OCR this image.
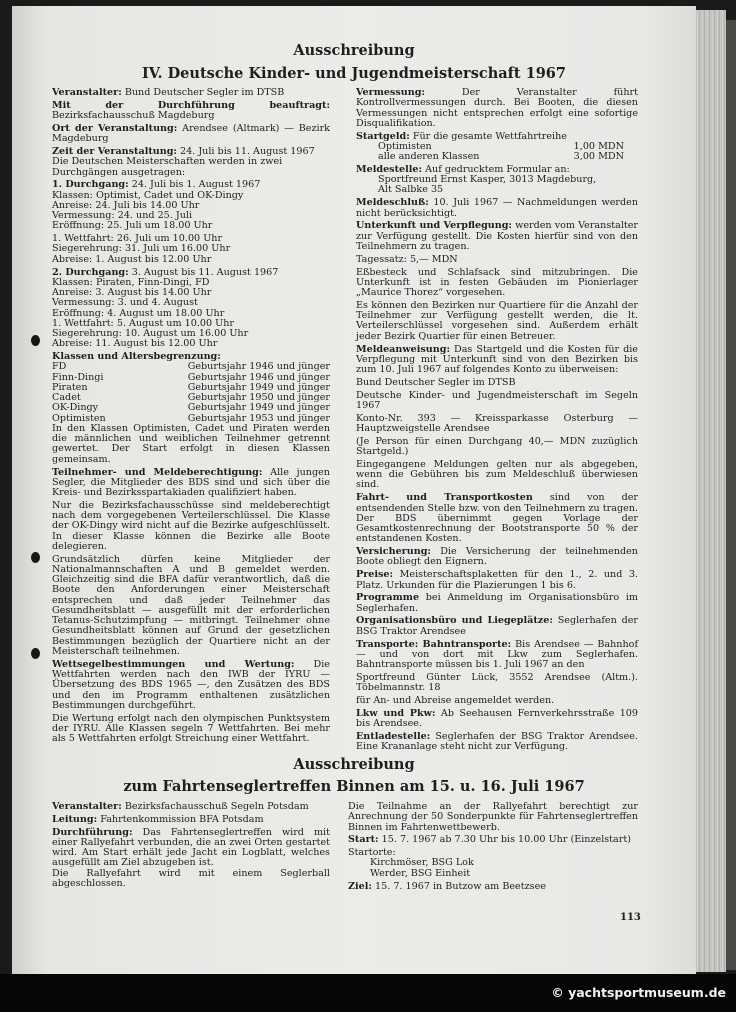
Ausschreibung
IV. Deutsche Kinder- und Jugendmeisterschaft 1967
Veranstalter: Bund Deutscher Segler im DTSB
Mit der Durchführung beauftragt: Bezirksfachausschuß Magdeburg
Ort der Veranstaltung: Arendsee (Altmark) — Bezirk Magdeburg
Zeit der Veranstaltung: 24. Juli bis 11. August 1967
Die Deutschen Meisterschaften werden in zwei Durchgängen ausgetragen:
1. Durchgang: 24. Juli bis 1. August 1967
Klassen: Optimist, Cadet und OK-Dingy
Anreise: 24. Juli bis 14.00 Uhr
Vermessung: 24. und 25. Juli
Eröffnung: 25. Juli um 18.00 Uhr
1. Wettfahrt: 26. Juli um 10.00 Uhr
Siegerehrung: 31. Juli um 16.00 Uhr
Abreise: 1. August bis 12.00 Uhr
2. Durchgang: 3. August bis 11. August 1967
Klassen: Piraten, Finn-Dingi, FD
Anreise: 3. August bis 14.00 Uhr
Vermessung: 3. und 4. August
Eröffnung: 4. August um 18.00 Uhr
1. Wettfahrt: 5. August um 10.00 Uhr
Siegerehrung: 10. August um 16.00 Uhr
Abreise: 11. August bis 12.00 Uhr
Klassen und Altersbegrenzung:
FD	Geburtsjahr 1946 und jünger
Finn-Dingi	Geburtsjahr 1946 und jünger
Piraten	Geburtsjahr 1949 und jünger
Cadet	Geburtsjahr 1950 und jünger
OK-Dingy	Geburtsjahr 1949 und jünger
Optimisten	Geburtsjahr 1953 und jünger
In den Klassen Optimisten, Cadet und Piraten werden die männlichen und weiblichen Teilnehmer getrennt gewertet. Der Start erfolgt in diesen Klassen gemeinsam.
Teilnehmer- und Meldeberechtigung: Alle jungen Segler, die Mitglieder des BDS sind und sich über die Kreis- und Bezirksspartakiaden qualifiziert haben.
Nur die Bezirksfachausschüsse sind meldeberechtigt nach dem vorgegebenen Verteilerschlüssel. Die Klasse der OK-Dingy wird nicht auf die Bezirke aufgeschlüsselt. In dieser Klasse können die Bezirke alle Boote delegieren.
Grundsätzlich dürfen keine Mitglieder der Nationalmannschaften A und B gemeldet werden. Gleichzeitig sind die BFA dafür verantwortlich, daß die Boote den Anforderungen einer Meisterschaft entsprechen und daß jeder Teilnehmer das Gesundheitsblatt — ausgefüllt mit der erforderlichen Tetanus-Schutzimpfung — mitbringt. Teilnehmer ohne Gesundheitsblatt können auf Grund der gesetzlichen Bestimmungen bezüglich der Quartiere nicht an der Meisterschaft teilnehmen.
Wettsegelbestimmungen und Wertung: Die Wettfahrten werden nach den IWB der IYRU — Übersetzung des BDS 1965 —, den Zusätzen des BDS und den im Programm enthaltenen zusätzlichen Bestimmungen durchgeführt.
Die Wertung erfolgt nach den olympischen Punktsystem der IYRU. Alle Klassen segeln 7 Wettfahrten. Bei mehr als 5 Wettfahrten erfolgt Streichung einer Wettfahrt.
Vermessung:	Der Veranstalter führt Kontrollvermessungen durch. Bei Booten, die diesen Vermessungen nicht entsprechen erfolgt eine sofortige Disqualifikation.
Startgeld: Für die gesamte Wettfahrtreihe
Optimisten	1,00 MDN
alle anderen Klassen	3,00 MDN
Meldestelle: Auf gedrucktem Formular an:
Sportfreund Ernst Kasper, 3013 Magdeburg,
Alt Salbke 35
Meldeschluß: 10. Juli 1967 — Nachmeldungen werden nicht berücksichtigt.
Unterkunft und Verpflegung: werden vom Veranstalter zur Verfügung gestellt. Die Kosten hierfür sind von den Teilnehmern zu tragen.
Tagessatz: 5,— MDN
Eßbesteck und Schlafsack sind mitzubringen. Die Unterkunft ist in festen Gebäuden im Pionierlager „Maurice Thorez“ vorgesehen.
Es können den Bezirken nur Quartiere für die Anzahl der Teilnehmer zur Verfügung gestellt werden, die lt. Verteilerschlüssel vorgesehen sind. Außerdem erhält jeder Bezirk Quartier für einen Betreuer.
Meldeanweisung: Das Startgeld und die Kosten für die Verpflegung mit Unterkunft sind von den Bezirken bis zum 10. Juli 1967 auf folgendes Konto zu überweisen:
Bund Deutscher Segler im DTSB
Deutsche Kinder- und Jugendmeisterschaft im Segeln 1967
Konto-Nr. 393 — Kreissparkasse Osterburg — Hauptzweigstelle Arendsee
(Je Person für einen Durchgang 40,— MDN zuzüglich Startgeld.)
Eingegangene Meldungen gelten nur als abgegeben, wenn die Gebühren bis zum Meldeschluß überwiesen sind.
Fahrt- und Transportkosten sind von der entsendenden Stelle bzw. von den Teilnehmern zu tragen. Der BDS übernimmt gegen Vorlage der Gesamtkostenrechnung der Bootstransporte 50 % der entstandenen Kosten.
Versicherung: Die Versicherung der teilnehmenden Boote obliegt den Eignern.
Preise: Meisterschaftsplaketten für den 1., 2. und 3. Platz. Urkunden für die Plazierungen 1 bis 6.
Programme bei Anmeldung im Organisationsbüro im Seglerhafen.
Organisationsbüro und Liegeplätze: Seglerhafen der BSG Traktor Arendsee
Transporte: Bahntransporte: Bis Arendsee — Bahnhof — und von dort mit Lkw zum Seglerhafen. Bahntransporte müssen bis 1. Juli 1967 an den
Sportfreund Günter Lück, 3552 Arendsee (Altm.). Töbelmannstr. 18
für An- und Abreise angemeldet werden.
Lkw und Pkw: Ab Seehausen Fernverkehrsstraße 109 bis Arendsee.
Entladestelle: Seglerhafen der BSG Traktor Arendsee. Eine Krananlage steht nicht zur Verfügung.
Ausschreibung
zum Fahrtenseglertreffen Binnen am 15. u. 16. Juli 1967
Veranstalter: Bezirksfachausschuß Segeln Potsdam
Leitung: Fahrtenkommission BFA Potsdam
Durchführung: Das Fahrtenseglertreffen wird mit einer Rallyefahrt verbunden, die an zwei Orten gestartet wird. Am Start erhält jede Jacht ein Logblatt, welches ausgefüllt am Ziel abzugeben ist.
Die Rallyefahrt wird mit einem Seglerball abgeschlossen.
Die Teilnahme an der Rallyefahrt berechtigt zur Anrechnung der 50 Sonderpunkte für Fahrtenseglertreffen Binnen im Fahrtenwettbewerb.
Start: 15. 7. 1967 ab 7.30 Uhr bis 10.00 Uhr (Einzelstart)
Startorte:
Kirchmöser, BSG Lok
Werder, BSG Einheit
Ziel: 15. 7. 1967 in Butzow am Beetzsee
113
© yachtsportmuseum.de
